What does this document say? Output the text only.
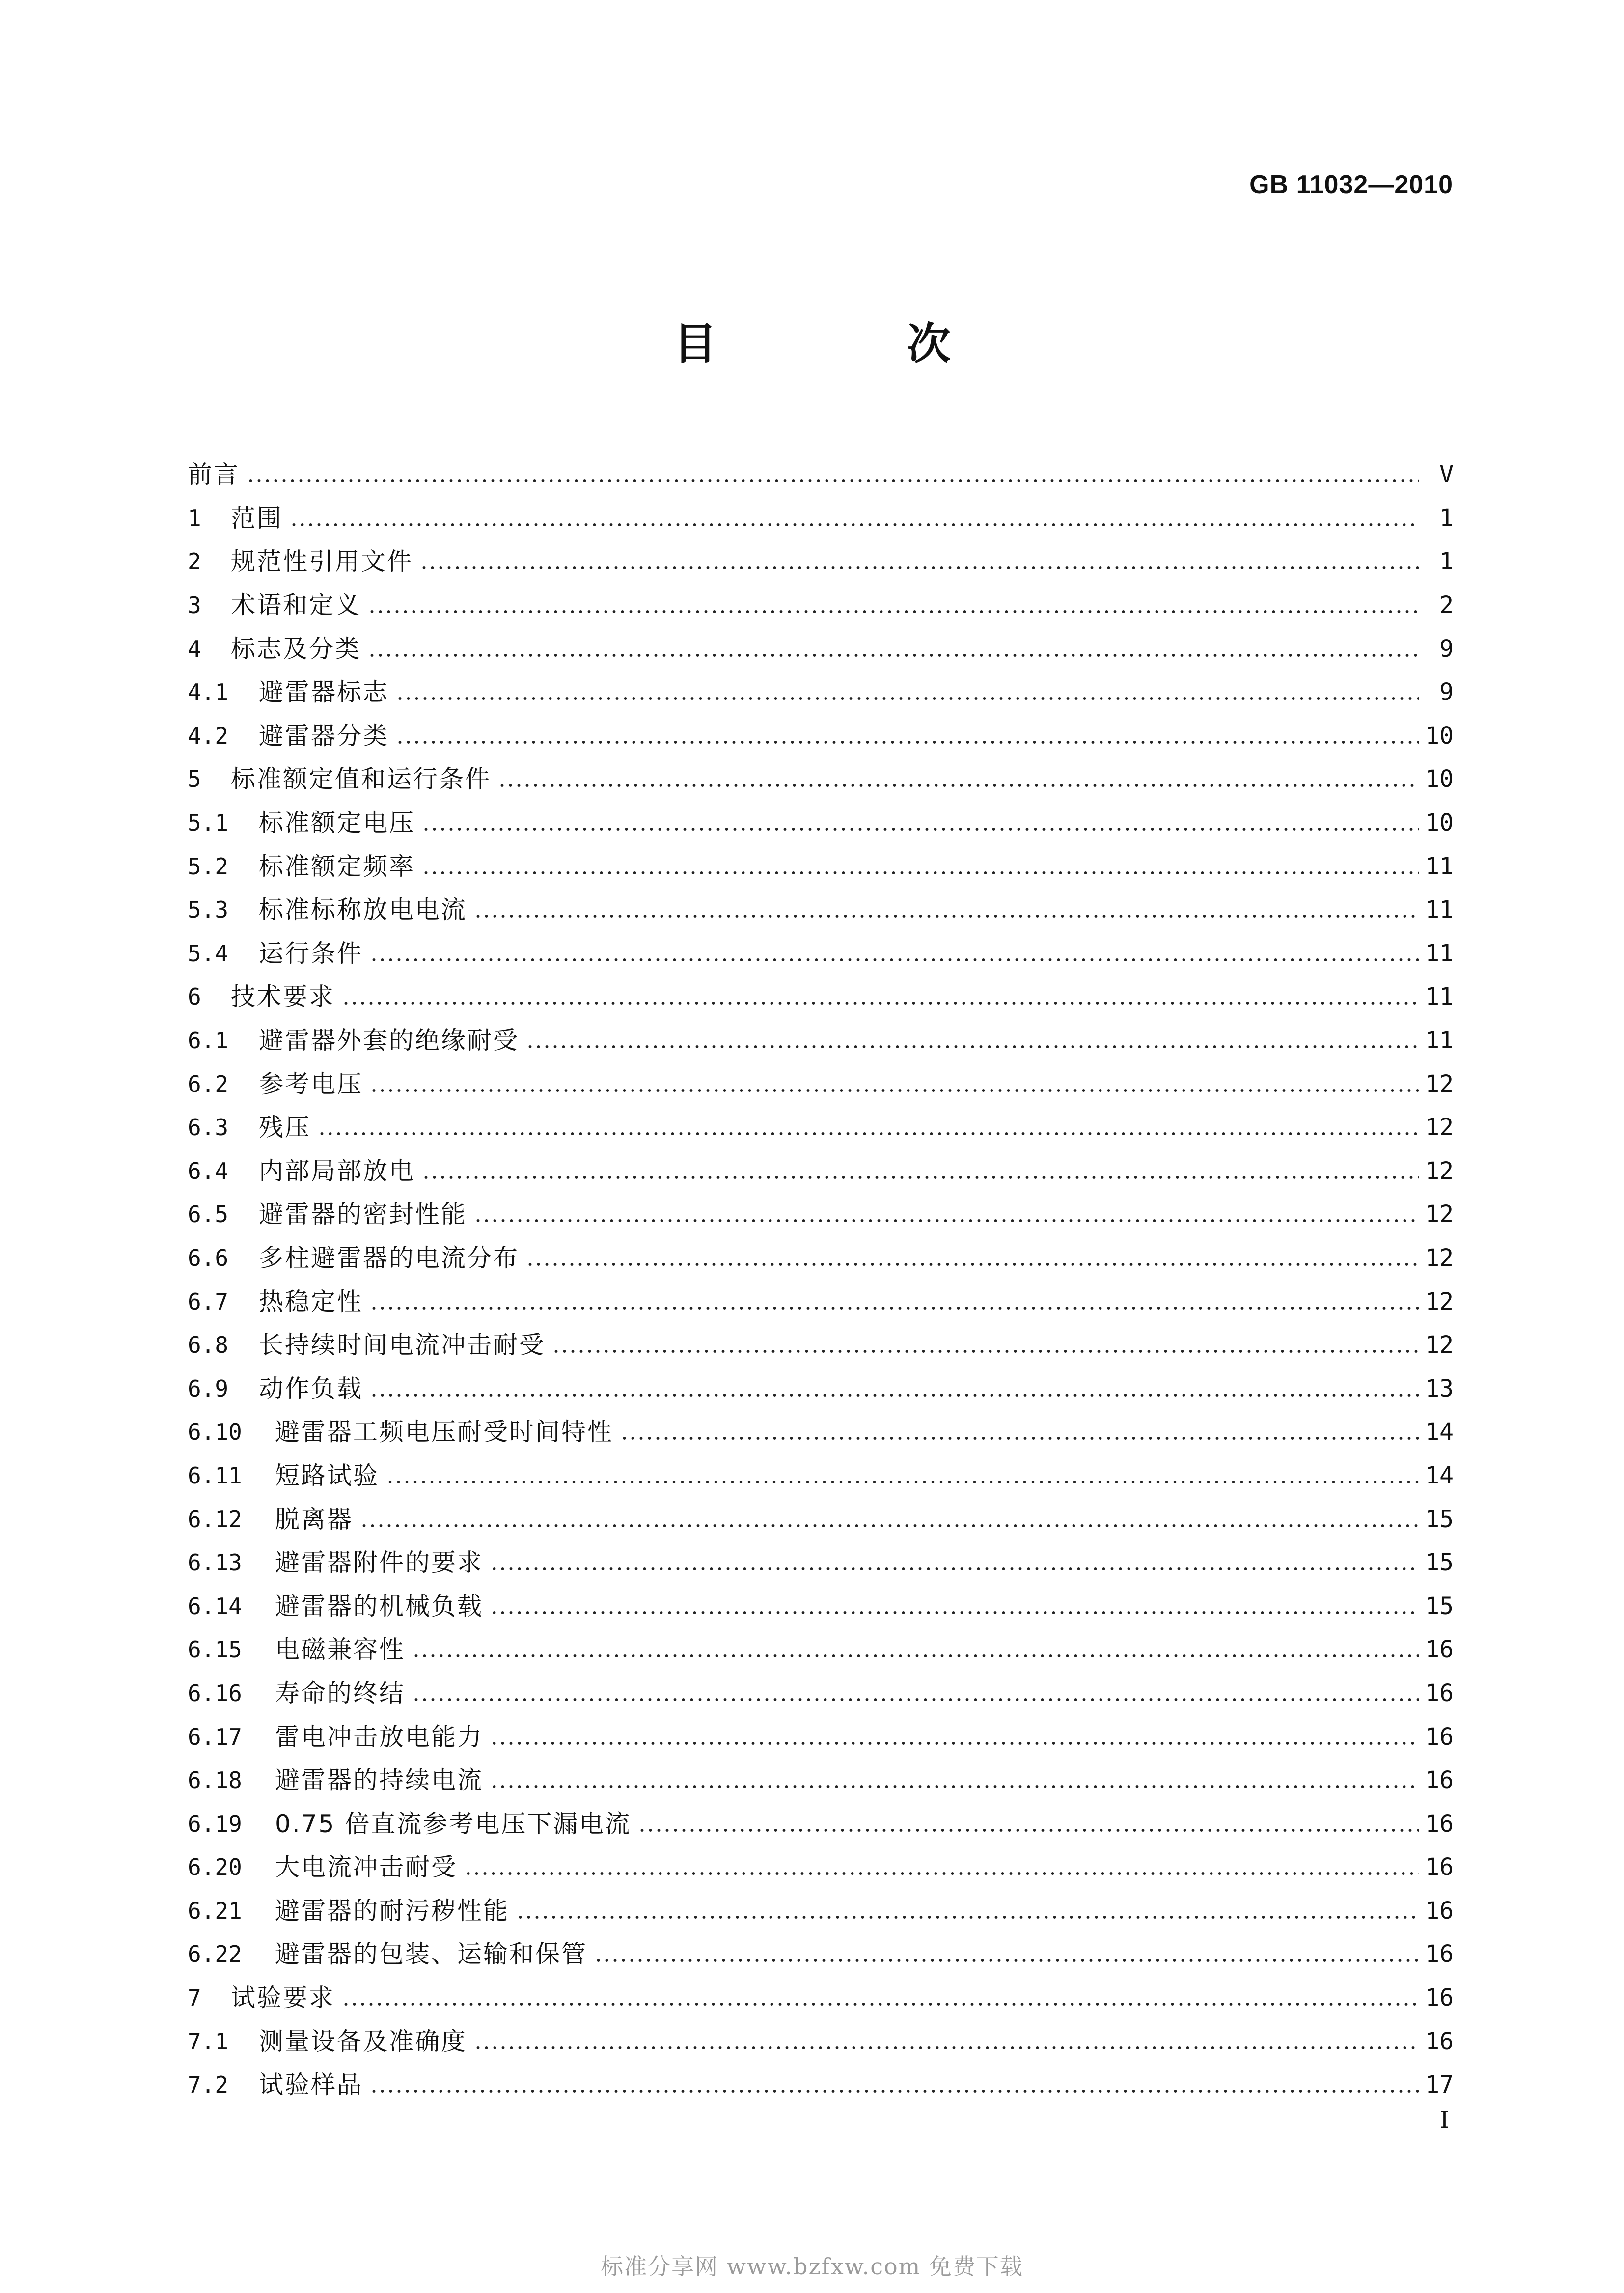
GB 11032—2010
目　次
前言	V
1	范围	1
2	规范性引用文件	1
3	术语和定义	2
4	标志及分类	9
4.1	避雷器标志	9
4.2	避雷器分类	10
5	标准额定值和运行条件	10
5.1	标准额定电压	10
5.2	标准额定频率	11
5.3	标准标称放电电流	11
5.4	运行条件	11
6	技术要求	11
6.1	避雷器外套的绝缘耐受	11
6.2	参考电压	12
6.3	残压	12
6.4	内部局部放电	12
6.5	避雷器的密封性能	12
6.6	多柱避雷器的电流分布	12
6.7	热稳定性	12
6.8	长持续时间电流冲击耐受	12
6.9	动作负载	13
6.10	避雷器工频电压耐受时间特性	14
6.11	短路试验	14
6.12	脱离器	15
6.13	避雷器附件的要求	15
6.14	避雷器的机械负载	15
6.15	电磁兼容性	16
6.16	寿命的终结	16
6.17	雷电冲击放电能力	16
6.18	避雷器的持续电流	16
6.19	0.75 倍直流参考电压下漏电流	16
6.20	大电流冲击耐受	16
6.21	避雷器的耐污秽性能	16
6.22	避雷器的包装、运输和保管	16
7	试验要求	16
7.1	测量设备及准确度	16
7.2	试验样品	17
I
标准分享网 www.bzfxw.com 免费下载
